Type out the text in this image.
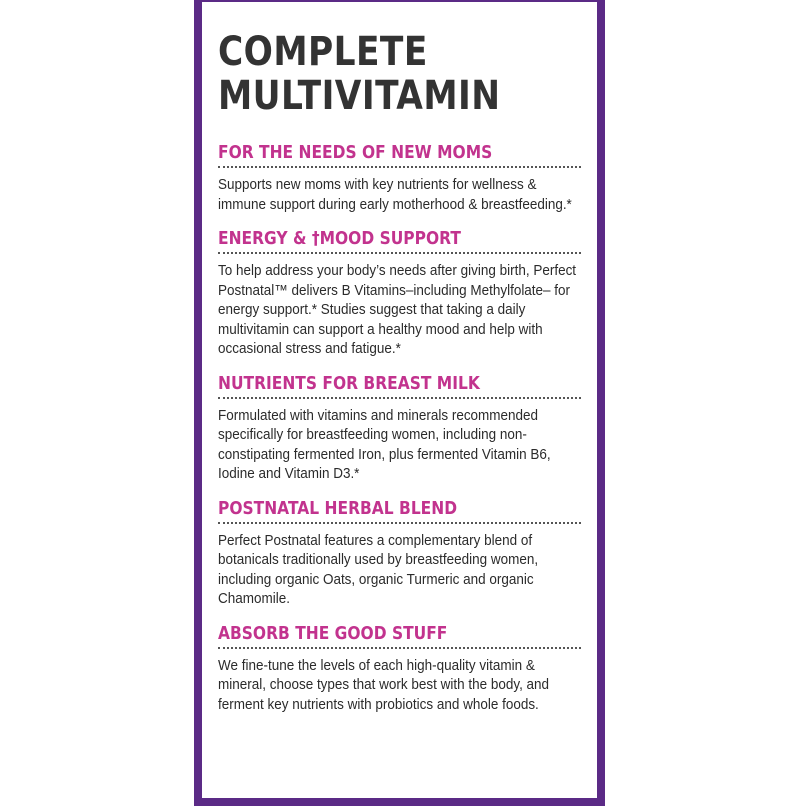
COMPLETE
MULTIVITAMIN
FOR THE NEEDS OF NEW MOMS

Supports new moms with key nutrients for wellness & immune support during early motherhood & breastfeeding.*

ENERGY & †MOOD SUPPORT

To help address your body’s needs after giving birth, Perfect Postnatal™ delivers B Vitamins–including Methylfolate– for energy support.* Studies suggest that taking a daily multivitamin can support a healthy mood and help with occasional stress and fatigue.*

NUTRIENTS FOR BREAST MILK

Formulated with vitamins and minerals recommended specifically for breastfeeding women, including non-constipating fermented Iron, plus fermented Vitamin B6, Iodine and Vitamin D3.*

POSTNATAL HERBAL BLEND

Perfect Postnatal features a complementary blend of botanicals traditionally used by breastfeeding women, including organic Oats, organic Turmeric and organic Chamomile.

ABSORB THE GOOD STUFF

We fine-tune the levels of each high-quality vitamin & mineral, choose types that work best with the body, and ferment key nutrients with probiotics and whole foods.
